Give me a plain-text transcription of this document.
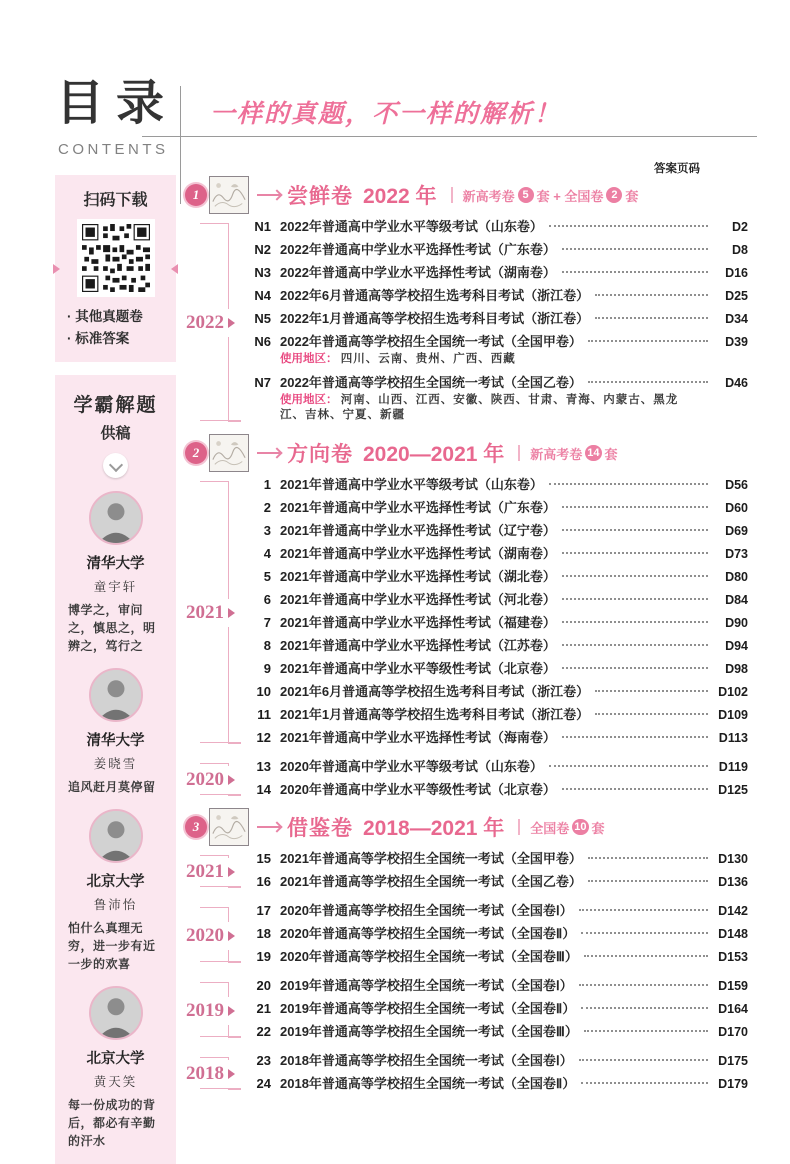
目录
CONTENTS
一样的真题，不一样的解析！
答案页码
扫码下载
· 其他真题卷
· 标准答案
学霸解题
供稿
清华大学
童宇轩
博学之，审问之，慎思之，明辨之，笃行之
清华大学
姜晓雪
追风赶月莫停留
北京大学
鲁沛怡
怕什么真理无穷，进一步有近一步的欢喜
北京大学
黄天笑
每一份成功的背后，都必有辛勤的汗水
1	尝鲜卷 2022 年 新高考卷 5 套 + 全国卷 2 套
2022
N1 2022年普通高中学业水平等级考试（山东卷）	D2
N2 2022年普通高中学业水平选择性考试（广东卷）	D8
N3 2022年普通高中学业水平选择性考试（湖南卷）	D16
N4 2022年6月普通高等学校招生选考科目考试（浙江卷）	D25
N5 2022年1月普通高等学校招生选考科目考试（浙江卷）	D34
N6 2022年普通高等学校招生全国统一考试（全国甲卷）	D39
使用地区： 四川、云南、贵州、广西、西藏
N7 2022年普通高等学校招生全国统一考试（全国乙卷）	D46
使用地区： 河南、山西、江西、安徽、陕西、甘肃、青海、内蒙古、黑龙江、吉林、宁夏、新疆
2	方向卷 2020—2021 年 新高考卷 14 套
2021
1 2021年普通高中学业水平等级考试（山东卷）	D56
2 2021年普通高中学业水平选择性考试（广东卷）	D60
3 2021年普通高中学业水平选择性考试（辽宁卷）	D69
4 2021年普通高中学业水平选择性考试（湖南卷）	D73
5 2021年普通高中学业水平选择性考试（湖北卷）	D80
6 2021年普通高中学业水平选择性考试（河北卷）	D84
7 2021年普通高中学业水平选择性考试（福建卷）	D90
8 2021年普通高中学业水平选择性考试（江苏卷）	D94
9 2021年普通高中学业水平等级性考试（北京卷）	D98
10 2021年6月普通高等学校招生选考科目考试（浙江卷）	D102
11 2021年1月普通高等学校招生选考科目考试（浙江卷）	D109
12 2021年普通高中学业水平选择性考试（海南卷）	D113
2020
13 2020年普通高中学业水平等级考试（山东卷）	D119
14 2020年普通高中学业水平等级性考试（北京卷）	D125
3	借鉴卷 2018—2021 年 全国卷 10 套
2021
15 2021年普通高等学校招生全国统一考试（全国甲卷）	D130
16 2021年普通高等学校招生全国统一考试（全国乙卷）	D136
2020
17 2020年普通高等学校招生全国统一考试（全国卷Ⅰ）	D142
18 2020年普通高等学校招生全国统一考试（全国卷Ⅱ）	D148
19 2020年普通高等学校招生全国统一考试（全国卷Ⅲ）	D153
2019
20 2019年普通高等学校招生全国统一考试（全国卷Ⅰ）	D159
21 2019年普通高等学校招生全国统一考试（全国卷Ⅱ）	D164
22 2019年普通高等学校招生全国统一考试（全国卷Ⅲ）	D170
2018
23 2018年普通高等学校招生全国统一考试（全国卷Ⅰ）	D175
24 2018年普通高等学校招生全国统一考试（全国卷Ⅱ）	D179
